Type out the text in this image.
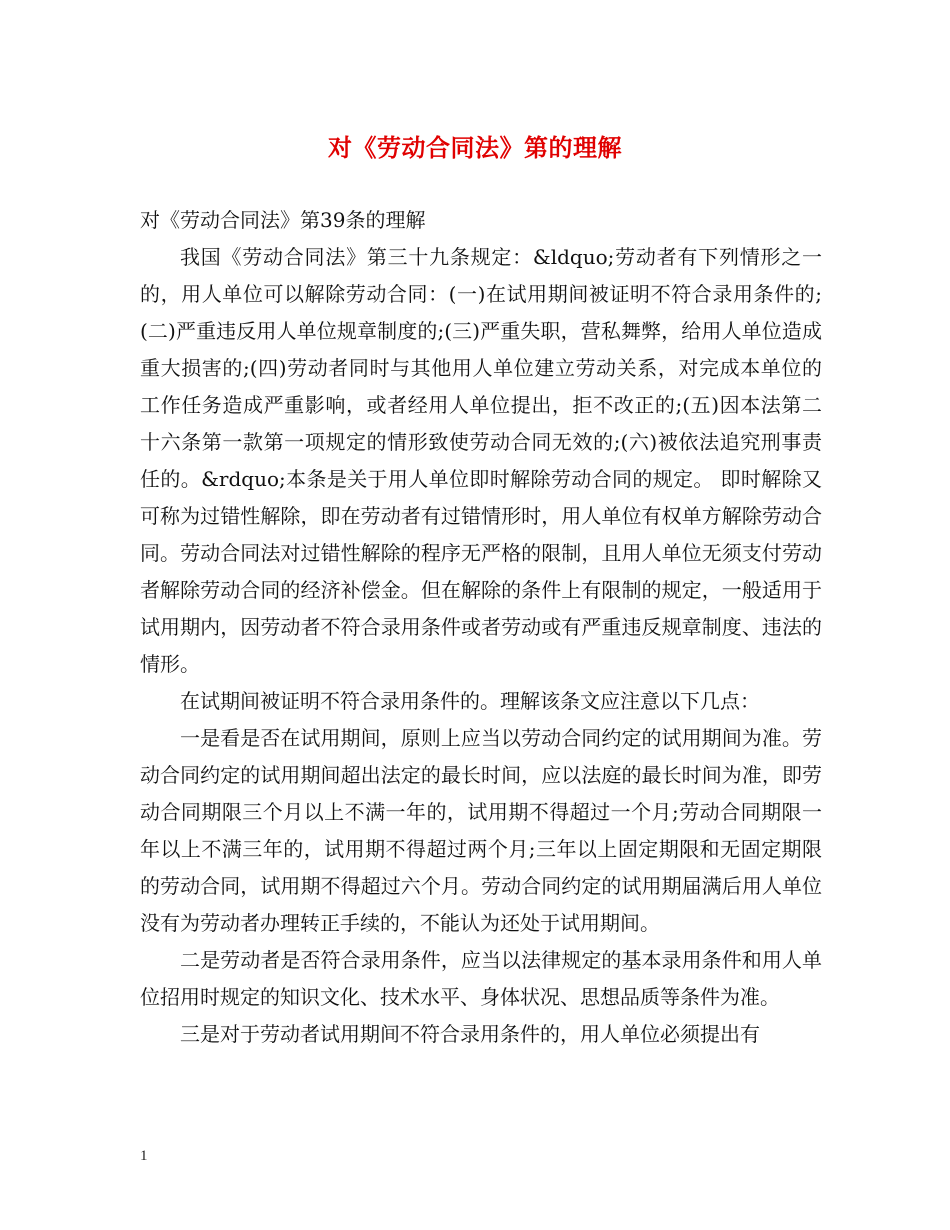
对《劳动合同法》第的理解

对《劳动合同法》第39条的理解

我国《劳动合同法》第三十九条规定：&ldquo;劳动者有下列情形之一的，用人单位可以解除劳动合同：(一)在试用期间被证明不符合录用条件的;(二)严重违反用人单位规章制度的;(三)严重失职，营私舞弊，给用人单位造成重大损害的;(四)劳动者同时与其他用人单位建立劳动关系，对完成本单位的工作任务造成严重影响，或者经用人单位提出，拒不改正的;(五)因本法第二十六条第一款第一项规定的情形致使劳动合同无效的;(六)被依法追究刑事责任的。&rdquo;本条是关于用人单位即时解除劳动合同的规定。 即时解除又可称为过错性解除，即在劳动者有过错情形时，用人单位有权单方解除劳动合同。劳动合同法对过错性解除的程序无严格的限制，且用人单位无须支付劳动者解除劳动合同的经济补偿金。但在解除的条件上有限制的规定，一般适用于试用期内，因劳动者不符合录用条件或者劳动或有严重违反规章制度、违法的情形。

在试期间被证明不符合录用条件的。理解该条文应注意以下几点：

一是看是否在试用期间，原则上应当以劳动合同约定的试用期间为准。劳动合同约定的试用期间超出法定的最长时间，应以法庭的最长时间为准，即劳动合同期限三个月以上不满一年的，试用期不得超过一个月;劳动合同期限一年以上不满三年的，试用期不得超过两个月;三年以上固定期限和无固定期限的劳动合同，试用期不得超过六个月。劳动合同约定的试用期届满后用人单位没有为劳动者办理转正手续的，不能认为还处于试用期间。

二是劳动者是否符合录用条件，应当以法律规定的基本录用条件和用人单位招用时规定的知识文化、技术水平、身体状况、思想品质等条件为准。

三是对于劳动者试用期间不符合录用条件的，用人单位必须提出有

1
